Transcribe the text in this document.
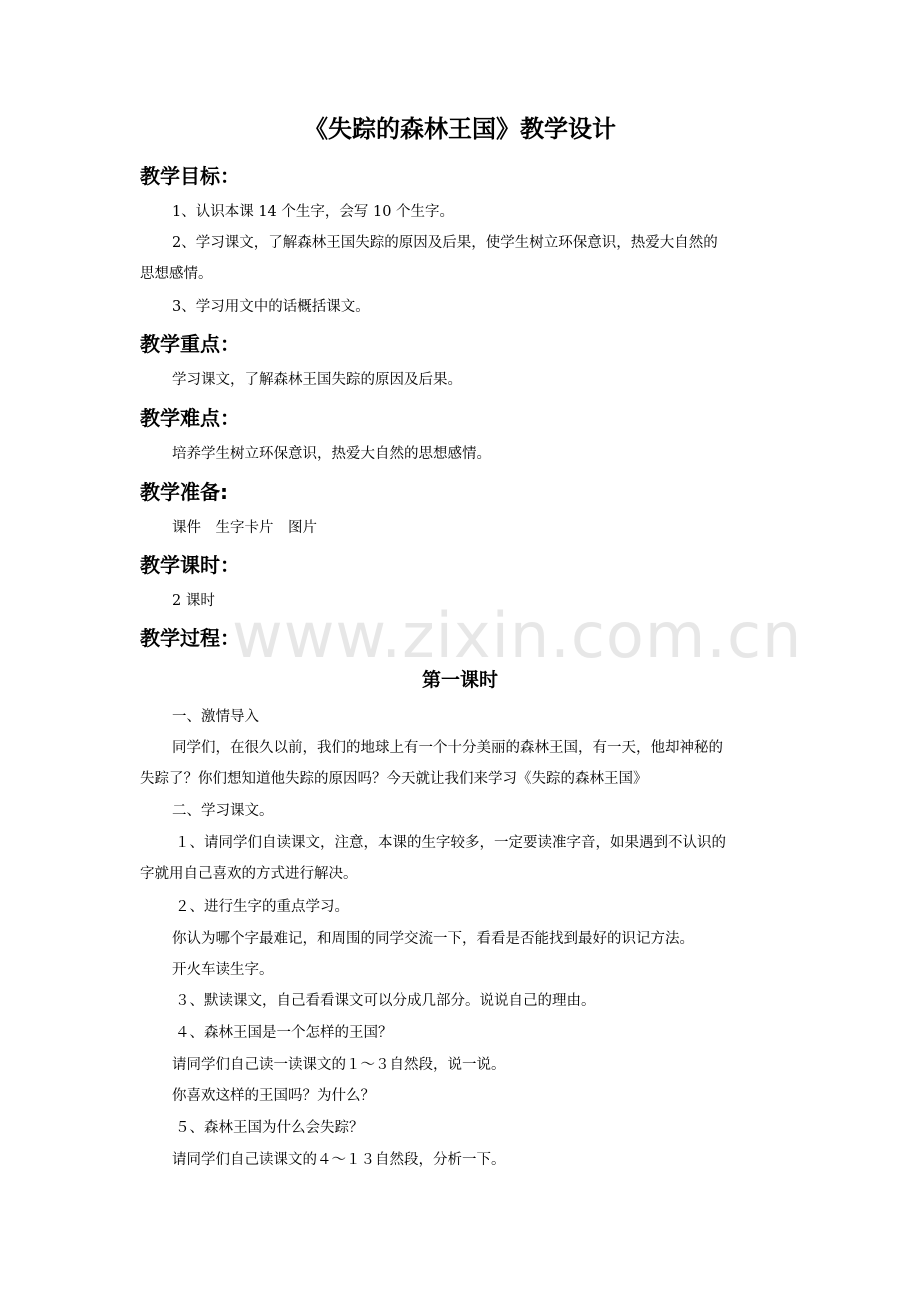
《失踪的森林王国》教学设计
教学目标：
1、认识本课 14 个生字，会写 10 个生字。
2、学习课文，了解森林王国失踪的原因及后果，使学生树立环保意识，热爱大自然的
思想感情。
3、学习用文中的话概括课文。
教学重点：
学习课文，了解森林王国失踪的原因及后果。
教学难点：
培养学生树立环保意识，热爱大自然的思想感情。
教学准备:
课件　生字卡片　图片
教学课时：
2 课时
教学过程：
www.zixin.com.cn
第一课时
一、激情导入
同学们，在很久以前，我们的地球上有一个十分美丽的森林王国，有一天，他却神秘的
失踪了？你们想知道他失踪的原因吗？今天就让我们来学习《失踪的森林王国》
二、学习课文。
１、请同学们自读课文，注意，本课的生字较多，一定要读准字音，如果遇到不认识的
字就用自己喜欢的方式进行解决。
２、进行生字的重点学习。
你认为哪个字最难记，和周围的同学交流一下，看看是否能找到最好的识记方法。
开火车读生字。
３、默读课文，自己看看课文可以分成几部分。说说自己的理由。
４、森林王国是一个怎样的王国？
请同学们自己读一读课文的１～３自然段，说一说。
你喜欢这样的王国吗？为什么？
５、森林王国为什么会失踪？
请同学们自己读课文的４～１３自然段，分析一下。
